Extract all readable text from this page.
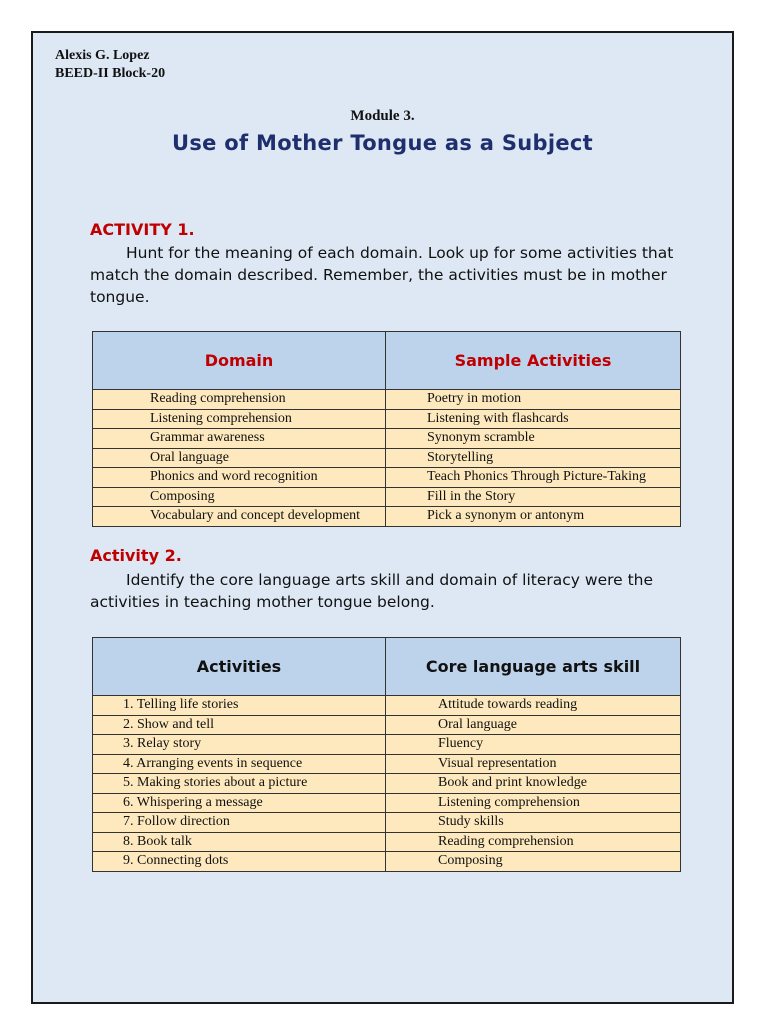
Alexis G. Lopez
BEED-II Block-20
Module 3.
Use of Mother Tongue as a Subject
ACTIVITY 1.
Hunt for the meaning of each domain. Look up for some activities that match the domain described. Remember, the activities must be in mother tongue.
Domain	Sample Activities
Reading comprehension	Poetry in motion
Listening comprehension	Listening with flashcards
Grammar awareness	Synonym scramble
Oral language	Storytelling
Phonics and word recognition	Teach Phonics Through Picture-Taking
Composing	Fill in the Story
Vocabulary and concept development	Pick a synonym or antonym
Activity 2.
Identify the core language arts skill and domain of literacy were the activities in teaching mother tongue belong.
Activities	Core language arts skill
1. Telling life stories	Attitude towards reading
2. Show and tell	Oral language
3. Relay story	Fluency
4. Arranging events in sequence	Visual representation
5. Making stories about a picture	Book and print knowledge
6. Whispering a message	Listening comprehension
7. Follow direction	Study skills
8. Book talk	Reading comprehension
9. Connecting dots	Composing
